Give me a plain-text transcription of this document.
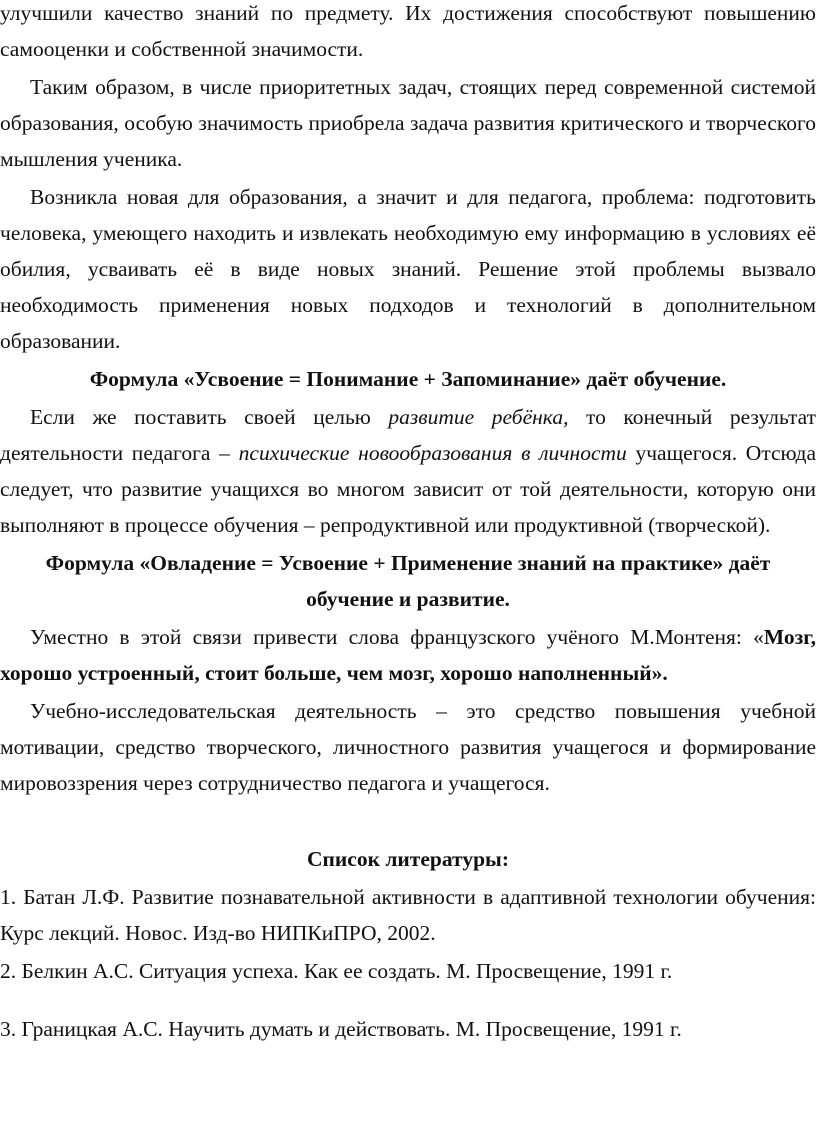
улучшили качество знаний по предмету. Их достижения способствуют повышению самооценки и собственной значимости.

Таким образом, в числе приоритетных задач, стоящих перед современной системой образования, особую значимость приобрела задача развития критического и творческого мышления ученика.

Возникла новая для образования, а значит и для педагога, проблема: подготовить человека, умеющего находить и извлекать необходимую ему информацию в условиях её обилия, усваивать её в виде новых знаний. Решение этой проблемы вызвало необходимость применения новых подходов и технологий в дополнительном образовании.

Формула «Усвоение = Понимание + Запоминание» даёт обучение.

Если же поставить своей целью развитие ребёнка, то конечный результат деятельности педагога – психические новообразования в личности учащегося. Отсюда следует, что развитие учащихся во многом зависит от той деятельности, которую они выполняют в процессе обучения – репродуктивной или продуктивной (творческой).

Формула «Овладение = Усвоение + Применение знаний на практике» даёт обучение и развитие.

Уместно в этой связи привести слова французского учёного М.Монтеня: «Мозг, хорошо устроенный, стоит больше, чем мозг, хорошо наполненный».

Учебно-исследовательская деятельность – это средство повышения учебной мотивации, средство творческого, личностного развития учащегося и формирование мировоззрения через сотрудничество педагога и учащегося.

Список литературы:

1. Батан Л.Ф. Развитие познавательной активности в адаптивной технологии обучения: Курс лекций. Новос. Изд-во НИПКиПРО, 2002.

2. Белкин А.С. Ситуация успеха. Как ее создать. М. Просвещение, 1991 г.

3. Границкая А.С. Научить думать и действовать. М. Просвещение, 1991 г.
